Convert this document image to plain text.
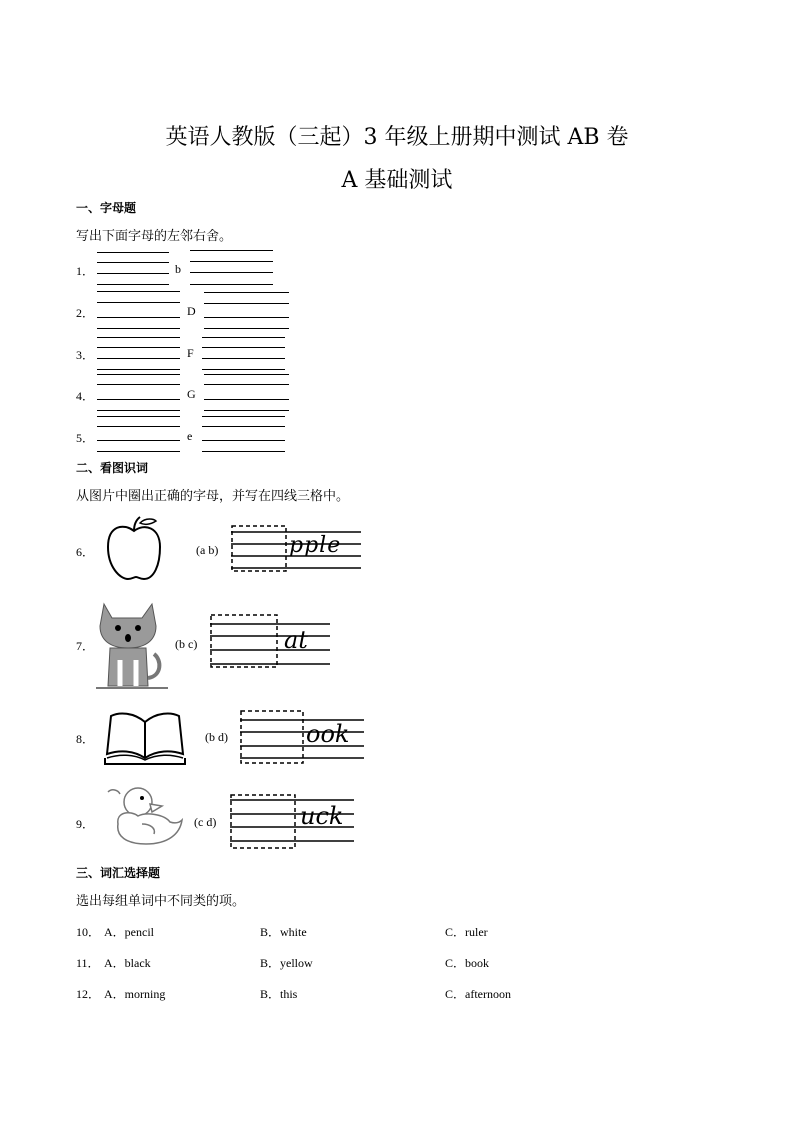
英语人教版（三起）3 年级上册期中测试 AB 卷
A 基础测试
一、字母题
写出下面字母的左邻右舍。
1．	b
2．	D
3．	F
4．	G
5．	e
二、看图识词
从图片中圈出正确的字母，并写在四线三格中。
6．	(a b)	pple
7．	(b c)	at
8．	(b d)	ook
9．	(c d)	uck
三、词汇选择题
选出每组单词中不同类的项。
10． A．pencil	B．white	C．ruler
11． A．black	B．yellow	C．book
12． A．morning	B．this	C．afternoon
